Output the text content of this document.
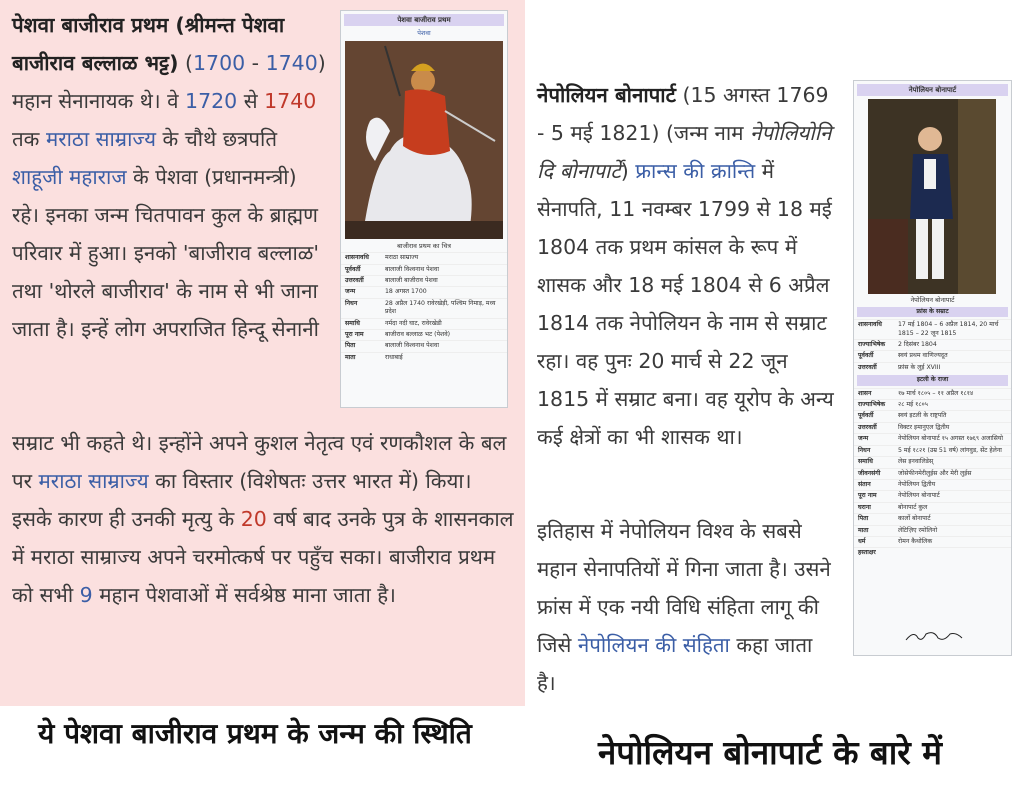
पेशवा बाजीराव प्रथम (श्रीमन्त पेशवा बाजीराव बल्लाळ भट्ट) (1700 - 1740) महान सेनानायक थे। वे 1720 से 1740 तक मराठा साम्राज्य के चौथे छत्रपति शाहूजी महाराज के पेशवा (प्रधानमन्त्री) रहे। इनका जन्म चितपावन कुल के ब्राह्मण परिवार में हुआ। इनको 'बाजीराव बल्लाळ' तथा 'थोरले बाजीराव' के नाम से भी जाना जाता है। इन्हें लोग अपराजित हिन्दू सेनानी
सम्राट भी कहते थे। इन्होंने अपने कुशल नेतृत्व एवं रणकौशल के बल पर मराठा साम्राज्य का विस्तार (विशेषतः उत्तर भारत में) किया। इसके कारण ही उनकी मृत्यु के 20 वर्ष बाद उनके पुत्र के शासनकाल में मराठा साम्राज्य अपने चरमोत्कर्ष पर पहुँच सका। बाजीराव प्रथम को सभी 9 महान पेशवाओं में सर्वश्रेष्ठ माना जाता है।
पेशवा बाजीराव प्रथम
पेशवा
बाजीराव प्रथम का चित्र
शासनावधि	मराठा साम्राज्य
पूर्ववर्ती	बालाजी विश्वनाथ पेशवा
उत्तरवर्ती	बालाजी बाजीराव पेशवा
जन्म	18 अगस्त 1700
निधन	28 अप्रैल 1740 रावेरखेड़ी, पश्चिम निमाड़, मध्य प्रदेश
समाधि	नर्मदा नदी घाट, रावेरखेडी
पूरा नाम	बाजीराव बल्लाळ भट (पेशवे)
पिता	बालाजी विश्वनाथ पेशवा
माता	राधाबाई
नेपोलियन बोनापार्ट (15 अगस्त 1769 - 5 मई 1821) (जन्म नाम नेपोलियोनि दि बोनापार्टे) फ्रान्स की क्रान्ति में सेनापति, 11 नवम्बर 1799 से 18 मई 1804 तक प्रथम कांसल के रूप में शासक और 18 मई 1804 से 6 अप्रैल 1814 तक नेपोलियन के नाम से सम्राट रहा। वह पुनः 20 मार्च से 22 जून 1815 में सम्राट बना। वह यूरोप के अन्य कई क्षेत्रों का भी शासक था।
इतिहास में नेपोलियन विश्व के सबसे महान सेनापतियों में गिना जाता है। उसने फ्रांस में एक नयी विधि संहिता लागू की जिसे नेपोलियन की संहिता कहा जाता है।
नेपोलियन बोनापार्ट
नेपोलियन बोनापार्ट
फ्रांस के सम्राट
शासनावधि	17 मई 1804 – 6 अप्रैल 1814, 20 मार्च 1815 – 22 जून 1815
राज्याभिषेक	2 दिसंबर 1804
पूर्ववर्ती	स्वयं प्रथम वाणिज्यदूत
उत्तरवर्ती	फ्रांस के लुई XVIII
इटली के राजा
शासन	१७ मार्च १८०५ – ११ अप्रैल १८१४
राज्याभिषेक	२८ मई १८०५
पूर्ववर्ती	स्वयं इटली के राष्ट्रपति
उत्तरवर्ती	विक्टर इमानुएल द्वितीय
जन्म	नेपोलियन बोनापार्ट १५ अगस्त १७६९ अजासियो
निधन	5 मई १८२१ (उम्र 51 वर्ष) लांगवुड, सेंट हेलेना
समाधि	लेस इनवालिडेस्
जीवनसंगी	जोसेफीनमेरीलुईस और मेरी लुईस
संतान	नेपोलियन द्वितीय
पूरा नाम	नेपोलियन बोनापार्ट
घराना	बोनापार्ट कुल
पिता	कार्लो बोनापार्ट
माता	लेटिज़िए रमोलिनो
धर्म	रोमन कैथोलिक
हस्ताक्षर
ये पेशवा बाजीराव प्रथम के जन्म की स्थिति	नेपोलियन बोनापार्ट के बारे में
